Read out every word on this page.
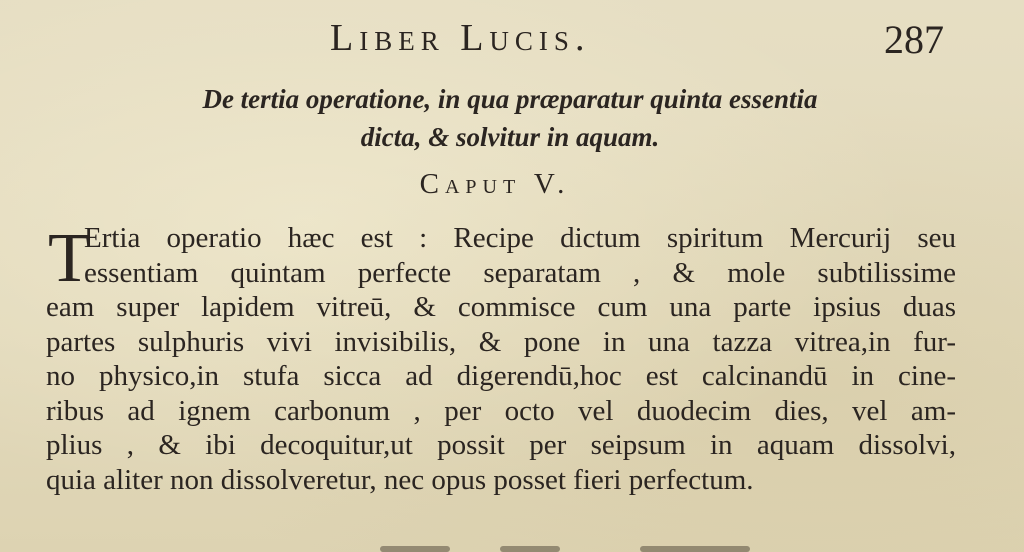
Liber Lucis.	287
De tertia operatione, in qua præparatur quinta essentia
dicta, & solvitur in aquam.
Caput V.
T
Ertia operatio hæc est : Recipe dictum spiritum Mercurij seu
essentiam quintam perfecte separatam , & mole subtilissime
eam super lapidem vitreū, & commisce cum una parte ipsius duas
partes sulphuris vivi invisibilis, & pone in una tazza vitrea,in fur-
no physico,in stufa sicca ad digerendū,hoc est calcinandū in cine-
ribus ad ignem carbonum , per octo vel duodecim dies, vel am-
plius , & ibi decoquitur,ut possit per seipsum in aquam dissolvi,
quia aliter non dissolveretur, nec opus posset fieri perfectum.
